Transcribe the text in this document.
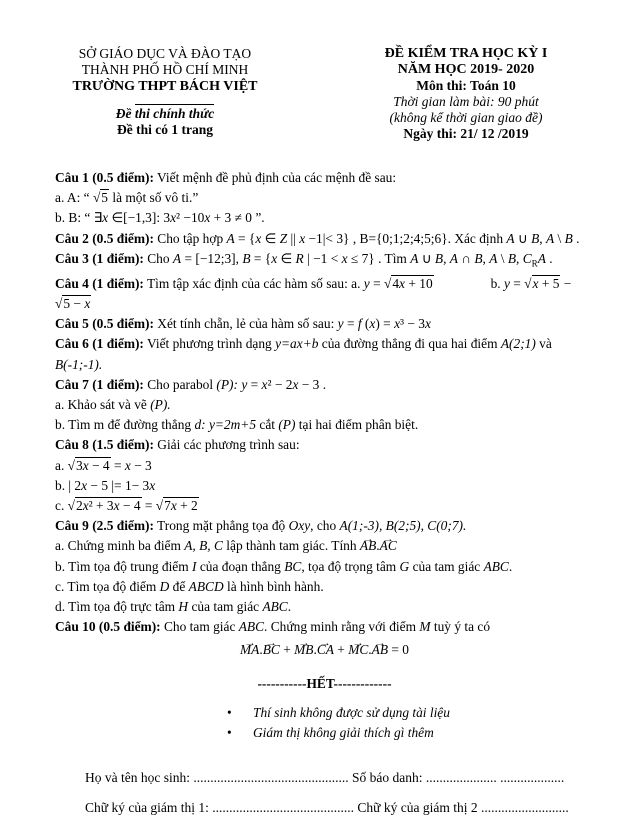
SỞ GIÁO DỤC VÀ ĐÀO TẠO
THÀNH PHỐ HỒ CHÍ MINH
TRƯỜNG THPT BÁCH VIỆT
Đề thi chính thức
Đề thi có 1 trang
ĐỀ KIỂM TRA HỌC KỲ I
NĂM HỌC 2019- 2020
Môn thi: Toán 10
Thời gian làm bài: 90 phút
(không kể thời gian giao đề)
Ngày thi: 21/ 12 /2019
Câu 1 (0.5 điểm): Viết mệnh đề phủ định của các mệnh đề sau:
a. A: “ √5 là một số vô ti.”
b. B: “ ∃x ∈[−1,3]: 3x² −10x + 3 ≠ 0 ”.
Câu 2 (0.5 điểm): Cho tập hợp A = {x ∈ Z || x −1|< 3} , B={0;1;2;4;5;6}. Xác định A ∪ B, A \ B .
Câu 3 (1 điểm): Cho A = [−12;3], B = {x ∈ R | −1 < x ≤ 7} . Tìm A ∪ B, A ∩ B, A \ B, $C_RA$ .
Câu 4 (1 điểm): Tìm tập xác định của các hàm số sau: a. y = √4x + 10	b. y = √x + 5 − √5 − x
Câu 5 (0.5 điểm): Xét tính chẵn, lẻ của hàm số sau: y = f (x) = x³ − 3x
Câu 6 (1 điểm): Viết phương trình dạng y=ax+b của đường thẳng đi qua hai điểm A(2;1) và
B(-1;-1).
Câu 7 (1 điểm): Cho parabol (P): y = x² − 2x − 3 .
a. Khảo sát và vẽ (P).
b. Tìm m để đường thẳng d: y=2m+5 cắt (P) tại hai điểm phân biệt.
Câu 8 (1.5 điểm): Giải các phương trình sau:
a. √3x − 4 = x − 3
b. | 2x − 5 |= 1− 3x
c. √2x² + 3x − 4 = √7x + 2
Câu 9 (2.5 điểm): Trong mặt phẳng tọa độ Oxy, cho A(1;-3), B(2;5), C(0;7).
a. Chứng minh ba điểm A, B, C lập thành tam giác. Tính AB →.AC →
b. Tìm tọa độ trung điểm I của đoạn thẳng BC, tọa độ trọng tâm G của tam giác ABC.
c. Tìm tọa độ điểm D để ABCD là hình bình hành.
d. Tìm tọa độ trực tâm H của tam giác ABC.
Câu 10 (0.5 điểm): Cho tam giác ABC. Chứng minh rằng với điểm M tuỳ ý ta có
MA →.BC → + MB →.CA → + MC →.AB → = 0
-----------HẾT-------------
• Thí sinh không được sử dụng tài liệu
• Giám thị không giải thích gì thêm
Họ và tên học sinh: .............................................. Số báo danh: ..................... ...................
Chữ ký của giám thị 1: .......................................... Chữ ký của giám thị 2 ..........................
